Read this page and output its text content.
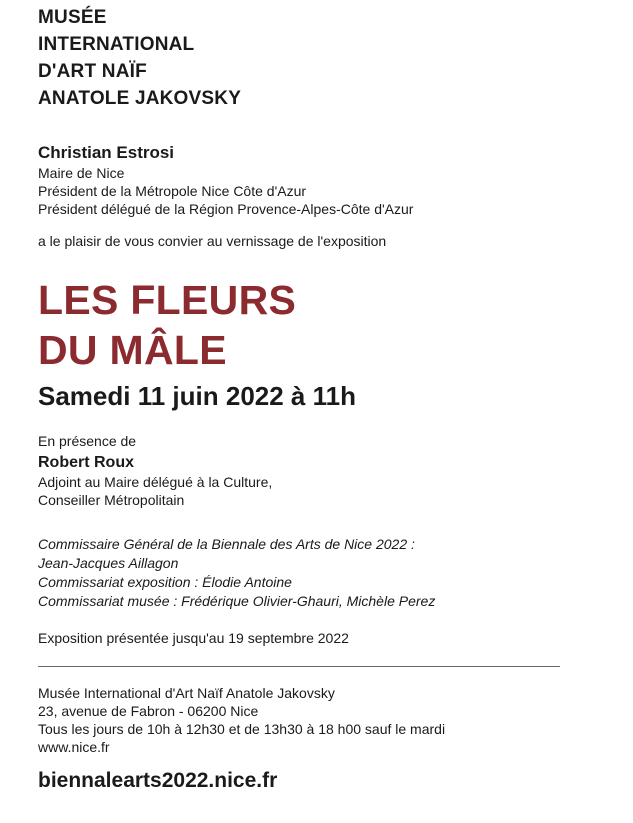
MUSÉE
INTERNATIONAL
D'ART NAÏF
ANATOLE JAKOVSKY
Christian Estrosi
Maire de Nice
Président de la Métropole Nice Côte d'Azur
Président délégué de la Région Provence-Alpes-Côte d'Azur
a le plaisir de vous convier au vernissage de l'exposition
LES FLEURS
DU MÂLE
Samedi 11 juin 2022 à 11h
En présence de
Robert Roux
Adjoint au Maire délégué à la Culture,
Conseiller Métropolitain
Commissaire Général de la Biennale des Arts de Nice 2022 :
Jean-Jacques Aillagon
Commissariat exposition : Élodie Antoine
Commissariat musée : Frédérique Olivier-Ghauri, Michèle Perez
Exposition présentée jusqu'au 19 septembre 2022
Musée International d'Art Naïf Anatole Jakovsky
23, avenue de Fabron - 06200 Nice
Tous les jours de 10h à 12h30 et de 13h30 à 18 h00 sauf le mardi
www.nice.fr
biennalearts2022.nice.fr
